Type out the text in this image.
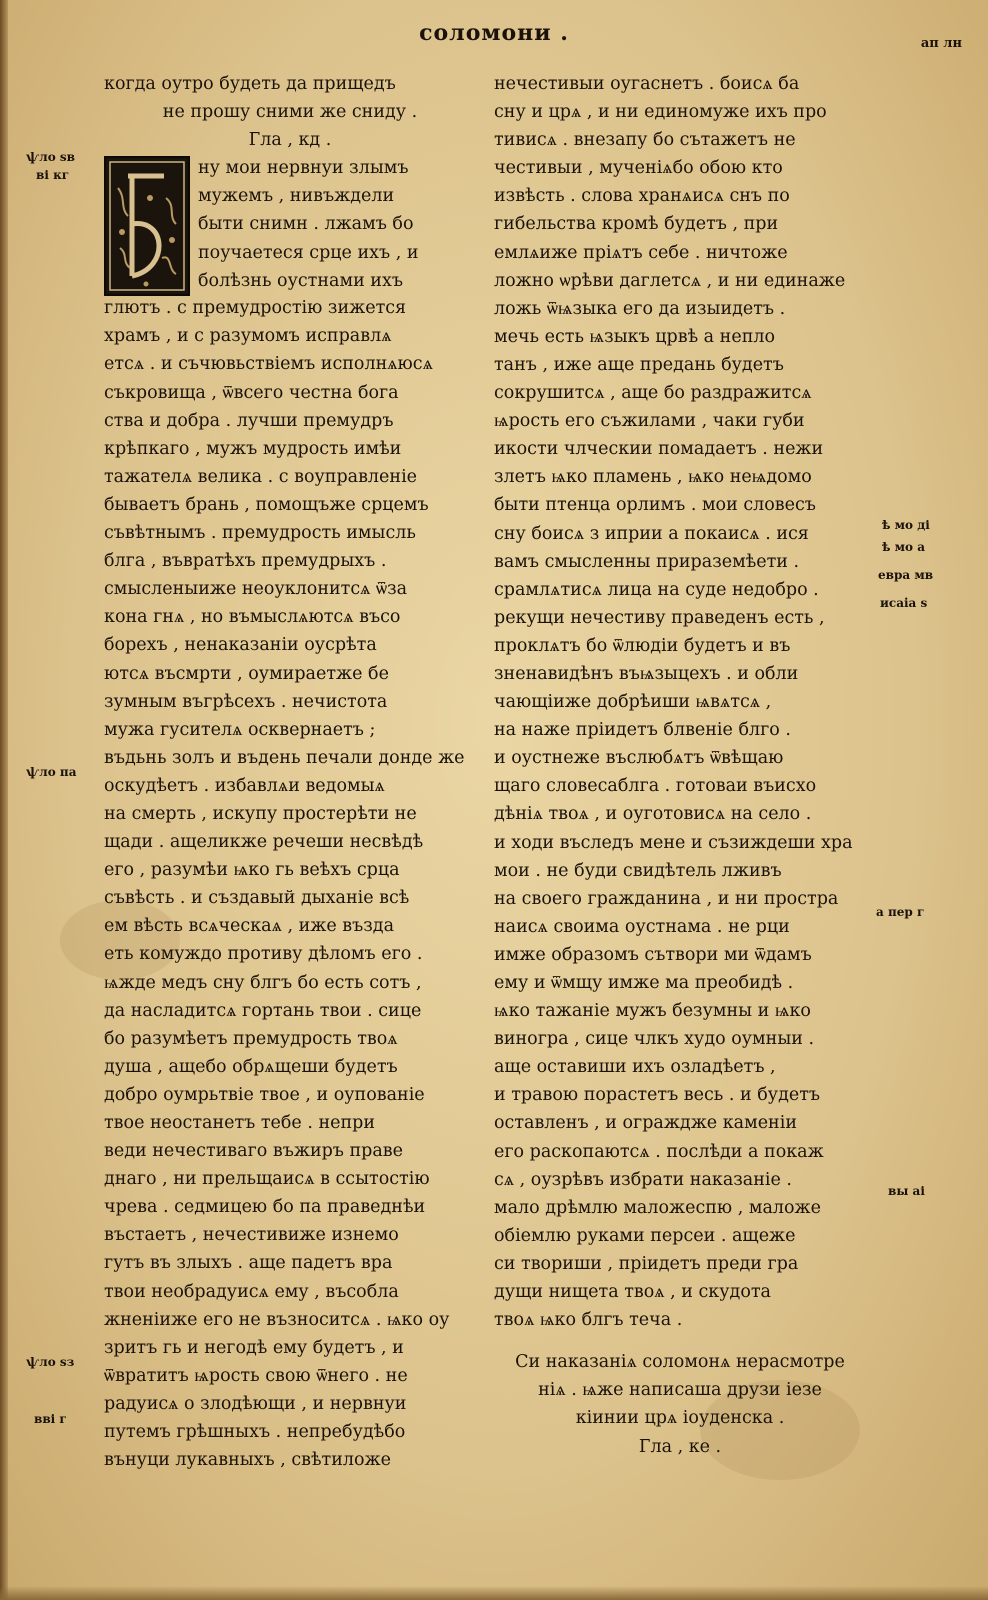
соломони .	ап лн
когда оутро будеть да прищедъ
не прошу сними же сниду .
Гла , кд .
ну мои нервнуи злымъ
мужемъ , нивъждели
быти снимн . лжамъ бо
поучаетеся срце ихъ , и
болѣзнь оустнами ихъ
глютъ . с премудростiю зижется
храмъ , и с разумомъ исправлѧ
етсѧ . и съчювьствiемъ исполнѧюсѧ
съкровища , ѿвсего честна бога
ства и добра . лучши премудръ
крѣпкаго , мужъ мудрость имѣи
тажателѧ велика . с воуправленiе
бываетъ брань , помощъже срцемъ
съвѣтнымъ . премудрость имысль
блга , въвратѣхъ премудрыхъ .
смысленыиже неоуклонитсѧ ѿза
кона гнѧ , но въмыслѧютсѧ въсо
борехъ , ненаказанiи оусрѣта
ютсѧ въсмрти , оумираетже бе
зумным въгрѣсехъ . нечистота
мужа гусителѧ осквернаетъ ;
въдьнь золъ и въдень печали донде же
оскудѣетъ . избавлѧи ведомыѧ
на смерть , искупу простерѣти не
щади . ащеликже речеши несвѣдѣ
его , разумѣи ѩко гь веѣхъ срца
съвѣсть . и създавый дыханiе всѣ
ем вѣсть всѧческаѧ , иже възда
еть комуждо противу дѣломъ его .
ѩжде медъ сну блгъ бо есть сотъ ,
да насладитсѧ гортань твои . сице
бо разумѣетъ премудрость твоѧ
душа , ащебо обрѧщеши будетъ
добро оумрьтвiе твое , и оупованiе
твое неостанетъ тебе . непри
веди нечестиваго въжиръ праве
днаго , ни прельщаисѧ в ссытостiю
чрева . седмицею бо пa праведнѣи
въстаетъ , нечестивиже изнемо
гутъ въ злыхъ . аще падетъ вра
твои необрадуисѧ ему , въсобла
жненiиже его не възноситсѧ . ѩко оу
зритъ гь и негодѣ ему будетъ , и
ѿвратитъ ѩрость свою ѿнего . не
радуисѧ о злодѣющи , и нервнуи
путемъ грѣшныхъ . непребудѣбо
вънуци лукавныхъ , свѣтиложе
нечестивыи оугаснетъ . боисѧ ба
сну и црѧ , и ни единомуже ихъ про
тивисѧ . внезапу бо сътажетъ не
честивыи , мученiѧбо обою кто
извѣсть . слова хранѧисѧ снъ по
гибельства кромѣ будетъ , при
емлѧиже прiѧтъ себе . ничтоже
ложно ѡрѣви даглетсѧ , и ни единаже
ложь ѿѩзыка его да изыидетъ .
мечь есть ѩзыкъ црвѣ а непло
танъ , иже аще предань будетъ
сокрушитсѧ , аще бо раздражитсѧ
ѩрость его съжилами , чаки губи
икости члческии помадаетъ . нежи
злетъ ѩко пламень , ѩко неѩдомо
быти птенца орлимъ . мои словесъ
сну боисѧ з иприи а покаисѧ . ися
вамъ смысленны прираземѣети .
срамлѧтисѧ лица на суде недобро .
рекущи нечестиву праведенъ есть ,
проклѧтъ бо ѿлюдiи будетъ и въ
зненавидѣнъ въѩзыцехъ . и обли
чающiиже добрѣиши ѩвѧтсѧ ,
на наже прiидетъ блвенiе блго .
и оустнеже въслюбѧтъ ѿвѣщаю
щаго словесаблга . готоваи въисхо
дѣнiѧ твоѧ , и оуготовисѧ на село .
и ходи въследъ мене и съзиждеши хра
мои . не буди свидѣтель лживъ
на своего гражданина , и ни простра
наисѧ своима оустнама . не рци
имже образомъ сътвори ми ѿдамъ
ему и ѿмщу имже ма преобидѣ .
ѩко тажанiе мужъ безумны и ѩко
виногра , сице члкъ худо оумныи .
аще оставиши ихъ озладѣетъ ,
и травою порастетъ весь . и будетъ
оставленъ , и ограждже каменiи
его раскопаютсѧ . послѣди а покаж
сѧ , оузрѣвъ избрати наказанiе .
мало дрѣмлю маложеспю , маложе
обiемлю руками персеи . ащеже
си твориши , прiидетъ преди гра
дущи нищета твоѧ , и скудота
твоѧ ѩко блгъ теча .
Си наказанiѧ соломонѧ нерасмотре
нiѧ . ѩже написаша друзи iезе
кiинии црѧ iоуденска .
Гла , ке .
ѱло ѕв
ві кг
ѱло па
ѱло ѕз
вві г
ѣ мо ді
ѣ мо а
евра мв
исаiа ѕ
а пер г
вы аі
